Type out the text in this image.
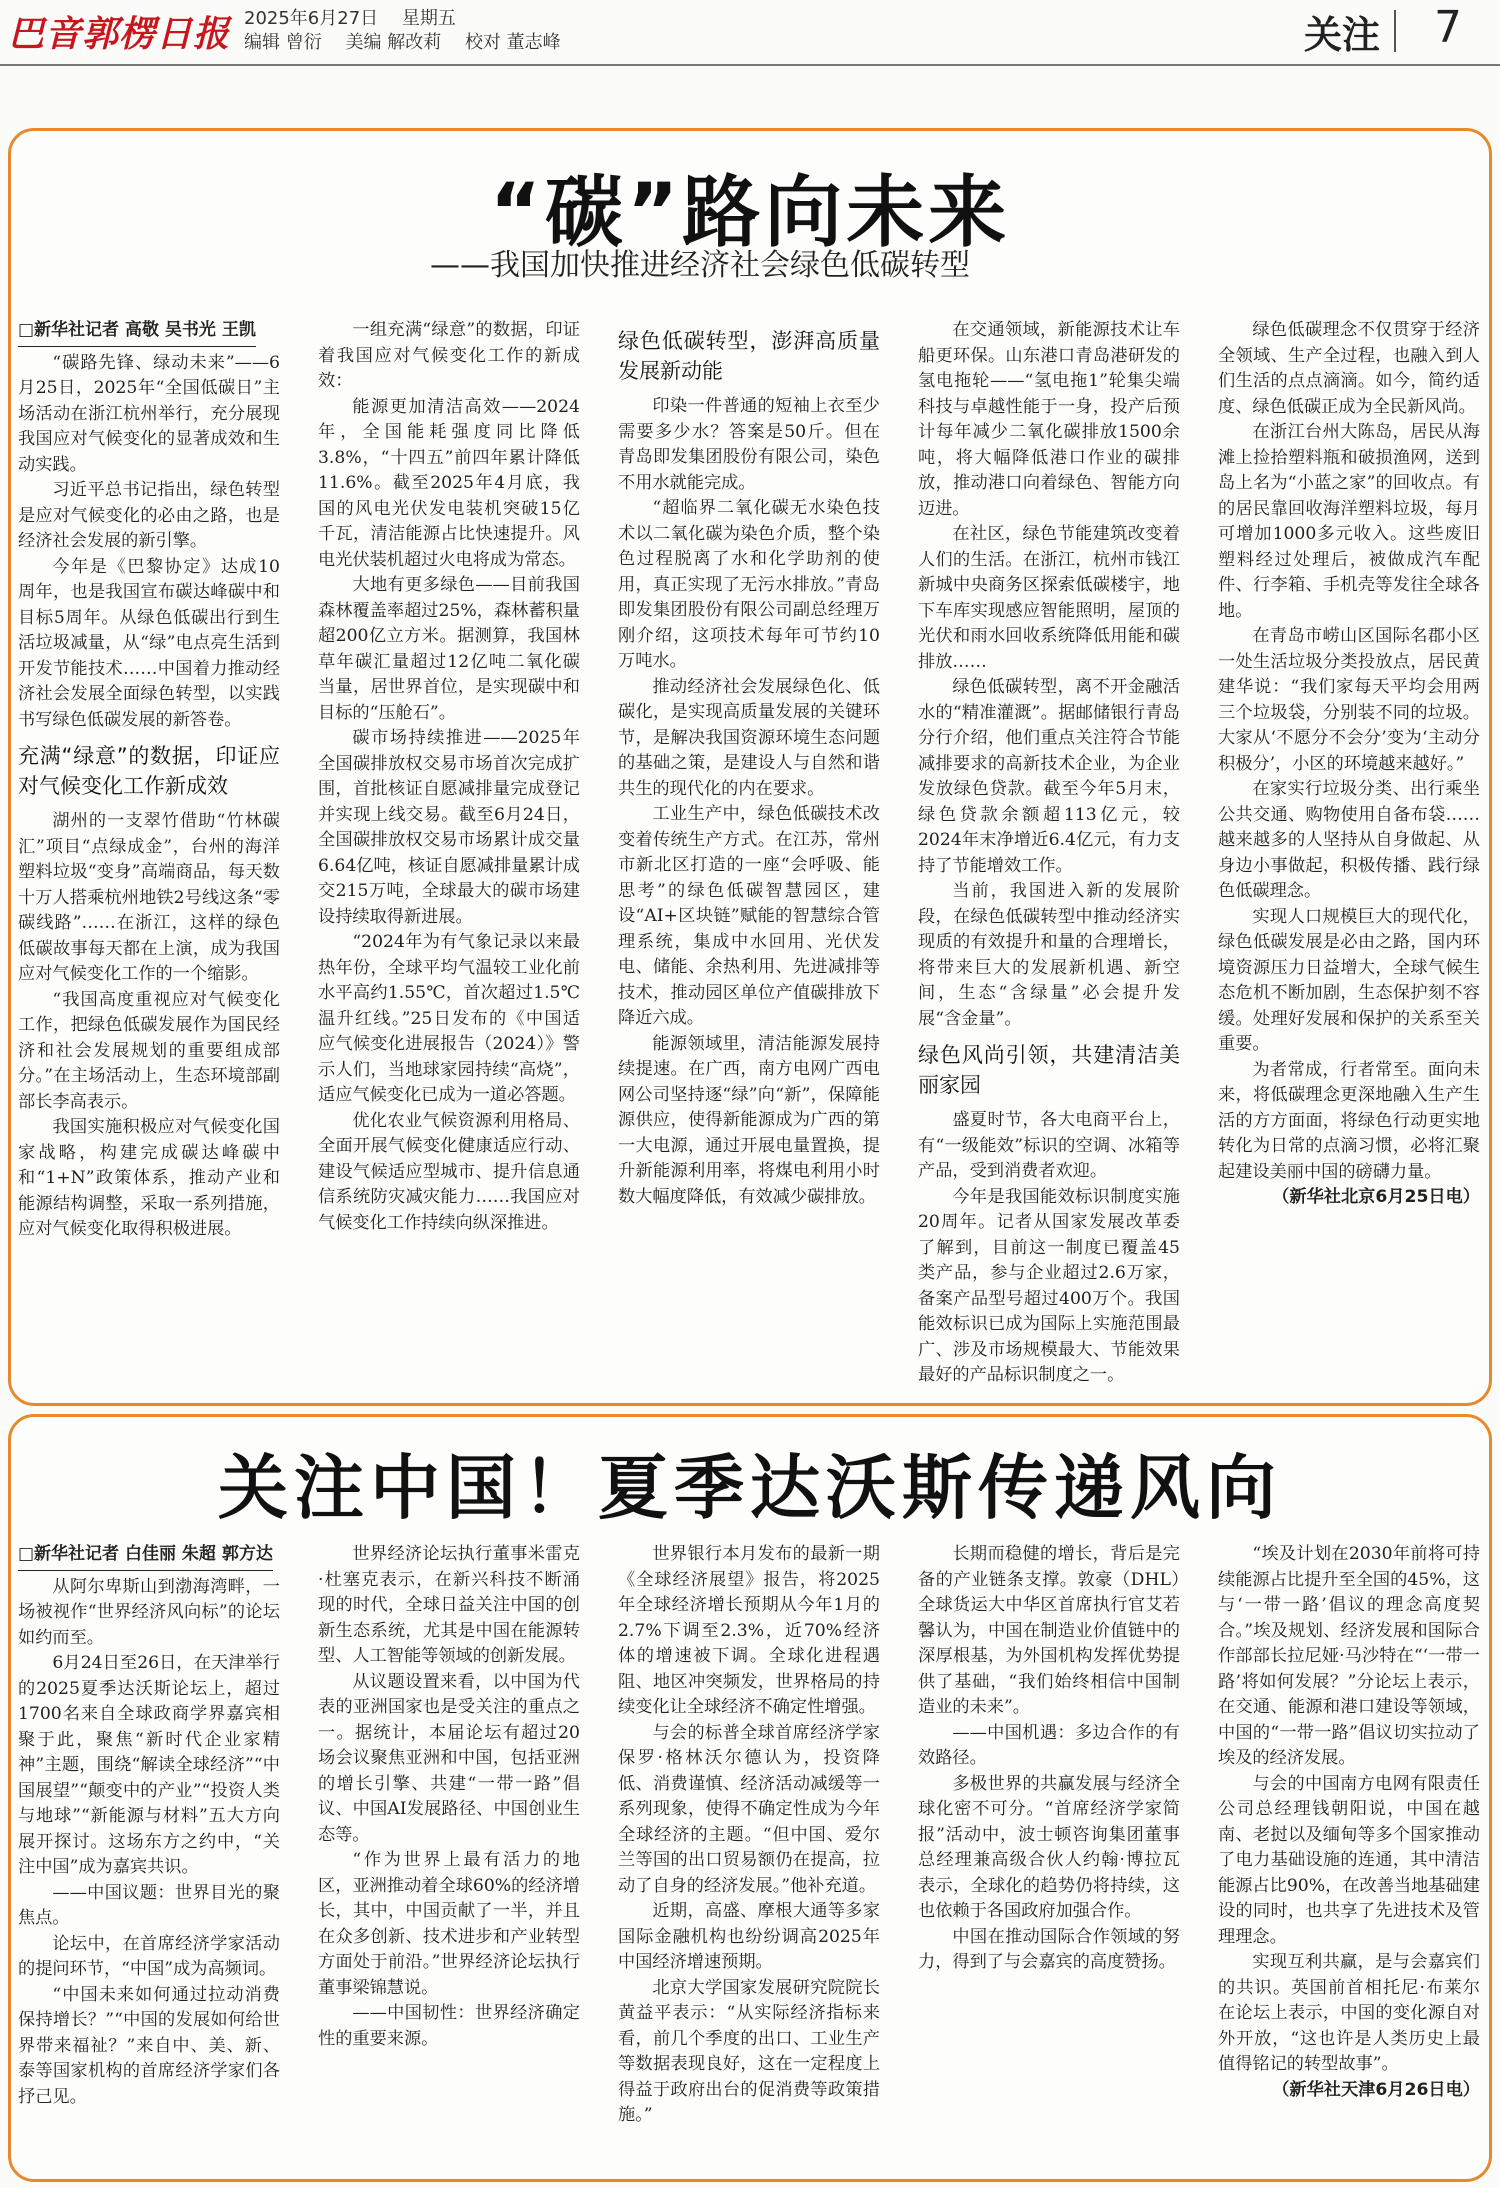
巴音郭楞日报 2025年6月27日 星期五
编辑 曾衍 美编 解改莉 校对 董志峰	关注 7
“碳”路向未来
——我国加快推进经济社会绿色低碳转型

□新华社记者 高敬 吴书光 王凯

“碳路先锋、绿动未来”——6月25日，2025年“全国低碳日”主场活动在浙江杭州举行，充分展现我国应对气候变化的显著成效和生动实践。

习近平总书记指出，绿色转型是应对气候变化的必由之路，也是经济社会发展的新引擎。

今年是《巴黎协定》达成10周年，也是我国宣布碳达峰碳中和目标5周年。从绿色低碳出行到生活垃圾减量，从“绿”电点亮生活到开发节能技术……中国着力推动经济社会发展全面绿色转型，以实践书写绿色低碳发展的新答卷。

充满“绿意”的数据，印证应对气候变化工作新成效

湖州的一支翠竹借助“竹林碳汇”项目“点绿成金”，台州的海洋塑料垃圾“变身”高端商品，每天数十万人搭乘杭州地铁2号线这条“零碳线路”……在浙江，这样的绿色低碳故事每天都在上演，成为我国应对气候变化工作的一个缩影。

“我国高度重视应对气候变化工作，把绿色低碳发展作为国民经济和社会发展规划的重要组成部分。”在主场活动上，生态环境部副部长李高表示。

我国实施积极应对气候变化国家战略，构建完成碳达峰碳中和“1+N”政策体系，推动产业和能源结构调整，采取一系列措施，应对气候变化取得积极进展。

一组充满“绿意”的数据，印证着我国应对气候变化工作的新成效：

能源更加清洁高效——2024年，全国能耗强度同比降低3.8%，“十四五”前四年累计降低11.6%。截至2025年4月底，我国的风电光伏发电装机突破15亿千瓦，清洁能源占比快速提升。风电光伏装机超过火电将成为常态。

大地有更多绿色——目前我国森林覆盖率超过25%，森林蓄积量超200亿立方米。据测算，我国林草年碳汇量超过12亿吨二氧化碳当量，居世界首位，是实现碳中和目标的“压舱石”。

碳市场持续推进——2025年全国碳排放权交易市场首次完成扩围，首批核证自愿减排量完成登记并实现上线交易。截至6月24日，全国碳排放权交易市场累计成交量6.64亿吨，核证自愿减排量累计成交215万吨，全球最大的碳市场建设持续取得新进展。

“2024年为有气象记录以来最热年份，全球平均气温较工业化前水平高约1.55℃，首次超过1.5℃温升红线。”25日发布的《中国适应气候变化进展报告（2024）》警示人们，当地球家园持续“高烧”，适应气候变化已成为一道必答题。

优化农业气候资源利用格局、全面开展气候变化健康适应行动、建设气候适应型城市、提升信息通信系统防灾减灾能力……我国应对气候变化工作持续向纵深推进。

绿色低碳转型，澎湃高质量发展新动能

印染一件普通的短袖上衣至少需要多少水？答案是50斤。但在青岛即发集团股份有限公司，染色不用水就能完成。

“超临界二氧化碳无水染色技术以二氧化碳为染色介质，整个染色过程脱离了水和化学助剂的使用，真正实现了无污水排放。”青岛即发集团股份有限公司副总经理万刚介绍，这项技术每年可节约10万吨水。

推动经济社会发展绿色化、低碳化，是实现高质量发展的关键环节，是解决我国资源环境生态问题的基础之策，是建设人与自然和谐共生的现代化的内在要求。

工业生产中，绿色低碳技术改变着传统生产方式。在江苏，常州市新北区打造的一座“会呼吸、能思考”的绿色低碳智慧园区，建设“AI+区块链”赋能的智慧综合管理系统，集成中水回用、光伏发电、储能、余热利用、先进减排等技术，推动园区单位产值碳排放下降近六成。

能源领域里，清洁能源发展持续提速。在广西，南方电网广西电网公司坚持逐“绿”向“新”，保障能源供应，使得新能源成为广西的第一大电源，通过开展电量置换，提升新能源利用率，将煤电利用小时数大幅度降低，有效减少碳排放。

在交通领域，新能源技术让车船更环保。山东港口青岛港研发的氢电拖轮——“氢电拖1”轮集尖端科技与卓越性能于一身，投产后预计每年减少二氧化碳排放1500余吨，将大幅降低港口作业的碳排放，推动港口向着绿色、智能方向迈进。

在社区，绿色节能建筑改变着人们的生活。在浙江，杭州市钱江新城中央商务区探索低碳楼宇，地下车库实现感应智能照明，屋顶的光伏和雨水回收系统降低用能和碳排放……

绿色低碳转型，离不开金融活水的“精准灌溉”。据邮储银行青岛分行介绍，他们重点关注符合节能减排要求的高新技术企业，为企业发放绿色贷款。截至今年5月末，绿色贷款余额超113亿元，较2024年末净增近6.4亿元，有力支持了节能增效工作。

当前，我国进入新的发展阶段，在绿色低碳转型中推动经济实现质的有效提升和量的合理增长，将带来巨大的发展新机遇、新空间，生态“含绿量”必会提升发展“含金量”。

绿色风尚引领，共建清洁美丽家园

盛夏时节，各大电商平台上，有“一级能效”标识的空调、冰箱等产品，受到消费者欢迎。

今年是我国能效标识制度实施20周年。记者从国家发展改革委了解到，目前这一制度已覆盖45类产品，参与企业超过2.6万家，备案产品型号超过400万个。我国能效标识已成为国际上实施范围最广、涉及市场规模最大、节能效果最好的产品标识制度之一。

绿色低碳理念不仅贯穿于经济全领域、生产全过程，也融入到人们生活的点点滴滴。如今，简约适度、绿色低碳正成为全民新风尚。

在浙江台州大陈岛，居民从海滩上捡拾塑料瓶和破损渔网，送到岛上名为“小蓝之家”的回收点。有的居民靠回收海洋塑料垃圾，每月可增加1000多元收入。这些废旧塑料经过处理后，被做成汽车配件、行李箱、手机壳等发往全球各地。

在青岛市崂山区国际名郡小区一处生活垃圾分类投放点，居民黄建华说：“我们家每天平均会用两三个垃圾袋，分别装不同的垃圾。大家从‘不愿分不会分’变为‘主动分积极分’，小区的环境越来越好。”

在家实行垃圾分类、出行乘坐公共交通、购物使用自备布袋……越来越多的人坚持从自身做起、从身边小事做起，积极传播、践行绿色低碳理念。

实现人口规模巨大的现代化，绿色低碳发展是必由之路，国内环境资源压力日益增大，全球气候生态危机不断加剧，生态保护刻不容缓。处理好发展和保护的关系至关重要。

为者常成，行者常至。面向未来，将低碳理念更深地融入生产生活的方方面面，将绿色行动更实地转化为日常的点滴习惯，必将汇聚起建设美丽中国的磅礴力量。

（新华社北京6月25日电）

关注中国！夏季达沃斯传递风向

□新华社记者 白佳丽 朱超 郭方达

从阿尔卑斯山到渤海湾畔，一场被视作“世界经济风向标”的论坛如约而至。

6月24日至26日，在天津举行的2025夏季达沃斯论坛上，超过1700名来自全球政商学界嘉宾相聚于此，聚焦“新时代企业家精神”主题，围绕“解读全球经济”“中国展望”“颠变中的产业”“投资人类与地球”“新能源与材料”五大方向展开探讨。这场东方之约中，“关注中国”成为嘉宾共识。

——中国议题：世界目光的聚焦点。

论坛中，在首席经济学家活动的提问环节，“中国”成为高频词。

“中国未来如何通过拉动消费保持增长？”“中国的发展如何给世界带来福祉？”来自中、美、新、泰等国家机构的首席经济学家们各抒己见。

世界经济论坛执行董事米雷克·杜塞克表示，在新兴科技不断涌现的时代，全球日益关注中国的创新生态系统，尤其是中国在能源转型、人工智能等领域的创新发展。

从议题设置来看，以中国为代表的亚洲国家也是受关注的重点之一。据统计，本届论坛有超过20场会议聚焦亚洲和中国，包括亚洲的增长引擎、共建“一带一路”倡议、中国AI发展路径、中国创业生态等。

“作为世界上最有活力的地区，亚洲推动着全球60%的经济增长，其中，中国贡献了一半，并且在众多创新、技术进步和产业转型方面处于前沿。”世界经济论坛执行董事梁锦慧说。

——中国韧性：世界经济确定性的重要来源。

世界银行本月发布的最新一期《全球经济展望》报告，将2025年全球经济增长预期从今年1月的2.7%下调至2.3%，近70%经济体的增速被下调。全球化进程遇阻、地区冲突频发，世界格局的持续变化让全球经济不确定性增强。

与会的标普全球首席经济学家保罗·格林沃尔德认为，投资降低、消费谨慎、经济活动减缓等一系列现象，使得不确定性成为今年全球经济的主题。“但中国、爱尔兰等国的出口贸易额仍在提高，拉动了自身的经济发展。”他补充道。

近期，高盛、摩根大通等多家国际金融机构也纷纷调高2025年中国经济增速预期。

北京大学国家发展研究院院长黄益平表示：“从实际经济指标来看，前几个季度的出口、工业生产等数据表现良好，这在一定程度上得益于政府出台的促消费等政策措施。”

长期而稳健的增长，背后是完备的产业链条支撑。敦豪（DHL）全球货运大中华区首席执行官艾若馨认为，中国在制造业价值链中的深厚根基，为外国机构发挥优势提供了基础，“我们始终相信中国制造业的未来”。

——中国机遇：多边合作的有效路径。

多极世界的共赢发展与经济全球化密不可分。“首席经济学家简报”活动中，波士顿咨询集团董事总经理兼高级合伙人约翰·博拉瓦表示，全球化的趋势仍将持续，这也依赖于各国政府加强合作。

中国在推动国际合作领域的努力，得到了与会嘉宾的高度赞扬。

“埃及计划在2030年前将可持续能源占比提升至全国的45%，这与‘一带一路’倡议的理念高度契合。”埃及规划、经济发展和国际合作部部长拉尼娅·马沙特在“‘一带一路’将如何发展？”分论坛上表示，在交通、能源和港口建设等领域，中国的“一带一路”倡议切实拉动了埃及的经济发展。

与会的中国南方电网有限责任公司总经理钱朝阳说，中国在越南、老挝以及缅甸等多个国家推动了电力基础设施的连通，其中清洁能源占比90%，在改善当地基础建设的同时，也共享了先进技术及管理理念。

实现互利共赢，是与会嘉宾们的共识。英国前首相托尼·布莱尔在论坛上表示，中国的变化源自对外开放，“这也许是人类历史上最值得铭记的转型故事”。

（新华社天津6月26日电）
